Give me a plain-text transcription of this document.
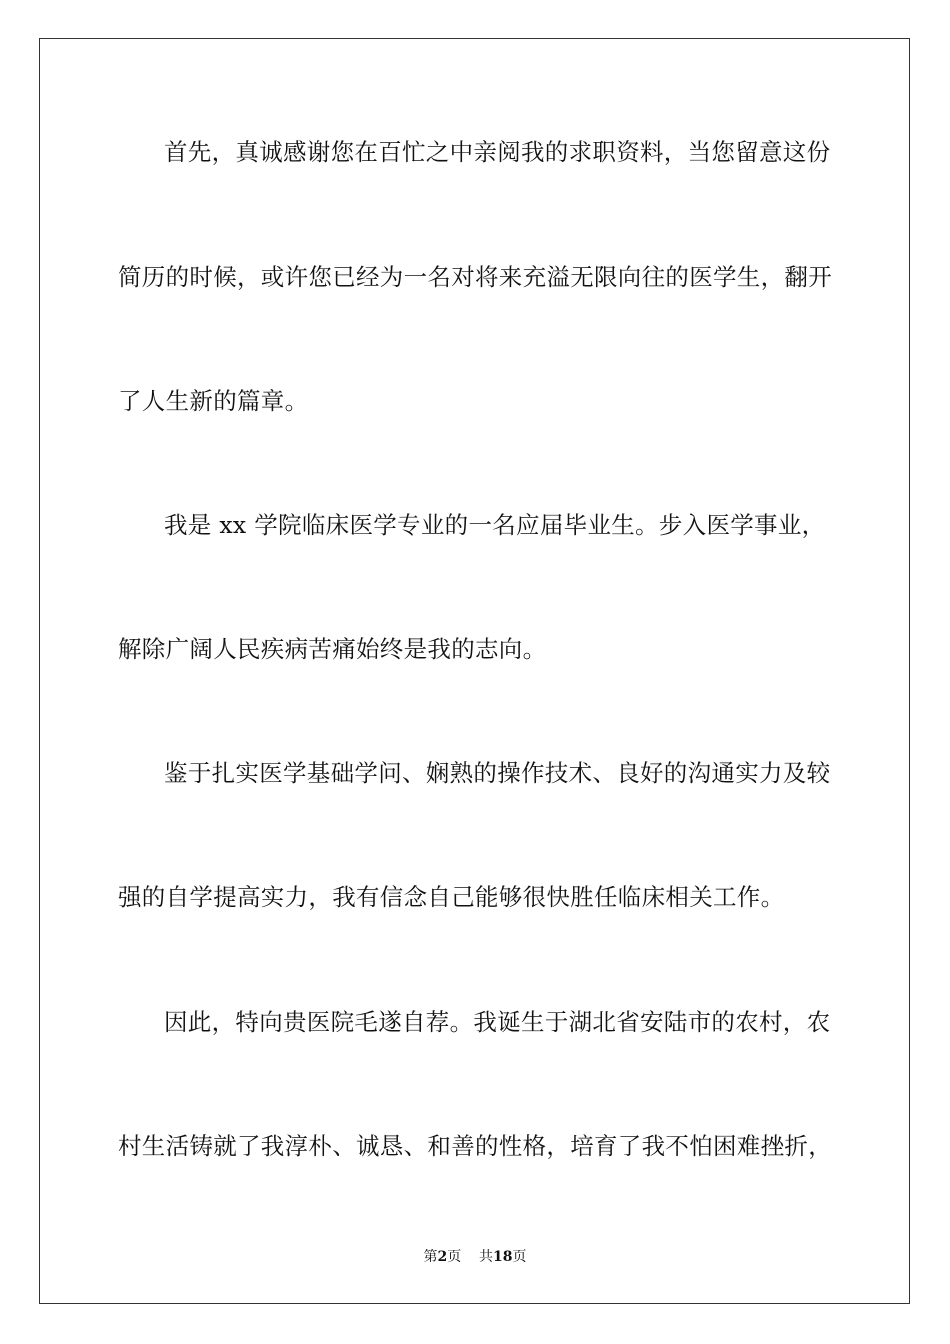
首先，真诚感谢您在百忙之中亲阅我的求职资料，当您留意这份
简历的时候，或许您已经为一名对将来充溢无限向往的医学生，翻开
了人生新的篇章。
我是 xx 学院临床医学专业的一名应届毕业生。步入医学事业，
解除广阔人民疾病苦痛始终是我的志向。
鉴于扎实医学基础学问、娴熟的操作技术、良好的沟通实力及较
强的自学提高实力，我有信念自己能够很快胜任临床相关工作。
因此，特向贵医院毛遂自荐。我诞生于湖北省安陆市的农村，农
村生活铸就了我淳朴、诚恳、和善的性格，培育了我不怕困难挫折，
第2页 共18页
